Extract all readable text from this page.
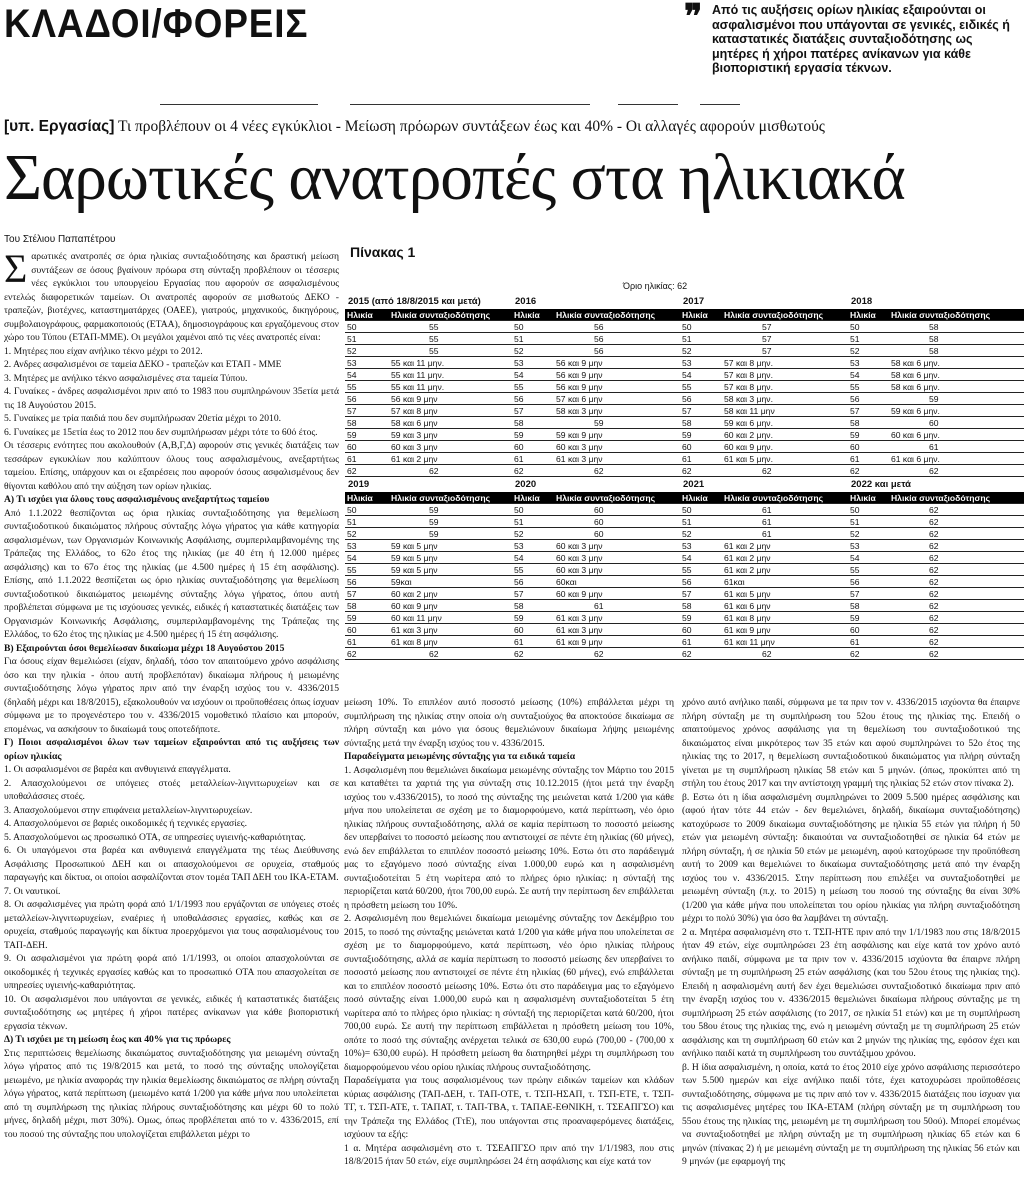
ΚΛΑΔΟΙ/ΦΟΡΕΙΣ	❞ Από τις αυξήσεις ορίων ηλικίας εξαιρούνται οι ασφαλισμένοι που υπάγονται σε γενικές, ειδικές ή καταστατικές διατάξεις συνταξιοδότησης ως μητέρες ή χήροι πατέρες ανίκανων για κάθε βιοποριστική εργασία τέκνων.
[υπ. Εργασίας] Τι προβλέπουν οι 4 νέες εγκύκλιοι - Μείωση πρόωρων συντάξεων έως και 40% - Οι αλλαγές αφορούν μισθωτούς
Σαρωτικές ανατροπές στα ηλικιακά
Του Στέλιου Παπαπέτρου

Σαρωτικές ανατροπές σε όρια ηλικίας συνταξιοδότησης και δραστική μείωση συντάξεων σε όσους βγαίνουν πρόωρα στη σύνταξη προβλέπουν οι τέσσερις νέες εγκύκλιοι του υπουργείου Εργασίας που αφορούν σε ασφαλισμένους εντελώς διαφορετικών ταμείων. Οι ανατροπές αφορούν σε μισθωτούς ΔΕΚΟ - τραπεζών, βιοτέχνες, καταστηματάρχες (ΟΑΕΕ), γιατρούς, μηχανικούς, δικηγόρους, συμβολαιογράφους, φαρμακοποιούς (ΕΤΑΑ), δημοσιογράφους και εργαζόμενους στον χώρο του Τύπου (ΕΤΑΠ-ΜΜΕ). Οι μεγάλοι χαμένοι από τις νέες ανατροπές είναι:

1. Μητέρες που είχαν ανήλικο τέκνο μέχρι το 2012.

2. Ανδρες ασφαλισμένοι σε ταμεία ΔΕΚΟ - τραπεζών και ΕΤΑΠ - ΜΜΕ

3. Μητέρες με ανήλικο τέκνο ασφαλισμένες στα ταμεία Τύπου.

4. Γυναίκες - άνδρες ασφαλισμένοι πριν από το 1983 που συμπληρώνουν 35ετία μετά τις 18 Αυγούστου 2015.

5. Γυναίκες με τρία παιδιά που δεν συμπλήρωσαν 20ετία μέχρι το 2010.

6. Γυναίκες με 15ετία έως το 2012 που δεν συμπλήρωσαν μέχρι τότε το 60ό έτος.

Οι τέσσερις ενότητες που ακολουθούν (Α,Β,Γ,Δ) αφορούν στις γενικές διατάξεις των τεσσάρων εγκυκλίων που καλύπτουν όλους τους ασφαλισμένους, ανεξαρτήτως ταμείου. Επίσης, υπάρχουν και οι εξαιρέσεις που αφορούν όσους ασφαλισμένους δεν θίγονται καθόλου από την αύξηση των ορίων ηλικίας.

Α) Τι ισχύει για όλους τους ασφαλισμένους ανεξαρτήτως ταμείου

Από 1.1.2022 θεσπίζονται ως όρια ηλικίας συνταξιοδότησης για θεμελίωση συνταξιοδοτικού δικαιώματος πλήρους σύνταξης λόγω γήρατος για κάθε κατηγορία ασφαλισμένων, των Οργανισμών Κοινωνικής Ασφάλισης, συμπεριλαμβανομένης της Τράπεζας της Ελλάδος, το 62ο έτος της ηλικίας (με 40 έτη ή 12.000 ημέρες ασφάλισης) και το 67ο έτος της ηλικίας (με 4.500 ημέρες ή 15 έτη ασφάλισης). Επίσης, από 1.1.2022 θεσπίζεται ως όριο ηλικίας συνταξιοδότησης για θεμελίωση συνταξιοδοτικού δικαιώματος μειωμένης σύνταξης λόγω γήρατος, όπου αυτή προβλέπεται σύμφωνα με τις ισχύουσες γενικές, ειδικές ή καταστατικές διατάξεις των Οργανισμών Κοινωνικής Ασφάλισης, συμπεριλαμβανομένης της Τράπεζας της Ελλάδος, το 62ο έτος της ηλικίας με 4.500 ημέρες ή 15 έτη ασφάλισης.

Β) Εξαιρούνται όσοι θεμελίωσαν δικαίωμα μέχρι 18 Αυγούστου 2015

Για όσους είχαν θεμελιώσει (είχαν, δηλαδή, τόσο τον απαιτούμενο χρόνο ασφάλισης όσο και την ηλικία - όπου αυτή προβλεπόταν) δικαίωμα πλήρους ή μειωμένης συνταξιοδότησης λόγω γήρατος πριν από την έναρξη ισχύος του ν. 4336/2015 (δηλαδή μέχρι και 18/8/2015), εξακολουθούν να ισχύουν οι προϋποθέσεις όπως ίσχυαν σύμφωνα με το προγενέστερο του ν. 4336/2015 νομοθετικό πλαίσιο και μπορούν, επομένως, να ασκήσουν το δικαίωμά τους οποτεδήποτε.

Γ) Ποιοι ασφαλισμένοι όλων των ταμείων εξαιρούνται από τις αυξήσεις των ορίων ηλικίας

1. Οι ασφαλισμένοι σε βαρέα και ανθυγιεινά επαγγέλματα.

2. Απασχολούμενοι σε υπόγειες στοές μεταλλείων-λιγνιτωρυχείων και σε υποθαλάσσιες στοές.

3. Απασχολούμενοι στην επιφάνεια μεταλλείων-λιγνιτωρυχείων.

4. Απασχολούμενοι σε βαριές οικοδομικές ή τεχνικές εργασίες.

5. Απασχολούμενοι ως προσωπικό ΟΤΑ, σε υπηρεσίες υγιεινής-καθαριότητας.

6. Οι υπαγόμενοι στα βαρέα και ανθυγιεινά επαγγέλματα της τέως Διεύθυνσης Ασφάλισης Προσωπικού ΔΕΗ και οι απασχολούμενοι σε ορυχεία, σταθμούς παραγωγής και δίκτυα, οι οποίοι ασφαλίζονται στον τομέα ΤΑΠ ΔΕΗ του ΙΚΑ-ΕΤΑΜ.

7. Οι ναυτικοί.

8. Οι ασφαλισμένες για πρώτη φορά από 1/1/1993 που εργάζονται σε υπόγειες στοές μεταλλείων-λιγνιτωρυχείων, εναέριες ή υποθαλάσσιες εργασίες, καθώς και σε ορυχεία, σταθμούς παραγωγής και δίκτυα προερχόμενοι για τους ασφαλισμένους του ΤΑΠ-ΔΕΗ.

9. Οι ασφαλισμένοι για πρώτη φορά από 1/1/1993, οι οποίοι απασχολούνται σε οικοδομικές ή τεχνικές εργασίες καθώς και το προσωπικό ΟΤΑ που απασχολείται σε υπηρεσίες υγιεινής-καθαριότητας.

10. Οι ασφαλισμένοι που υπάγονται σε γενικές, ειδικές ή καταστατικές διατάξεις συνταξιοδότησης ως μητέρες ή χήροι πατέρες ανίκανων για κάθε βιοποριστική εργασία τέκνων.

Δ) Τι ισχύει με τη μείωση έως και 40% για τις πρόωρες

Στις περιπτώσεις θεμελίωσης δικαιώματος συνταξιοδότησης για μειωμένη σύνταξη λόγω γήρατος από τις 19/8/2015 και μετά, το ποσό της σύνταξης υπολογίζεται μειωμένο, με ηλικία αναφοράς την ηλικία θεμελίωσης δικαιώματος σε πλήρη σύνταξη λόγω γήρατος, κατά περίπτωση (μειωμένο κατά 1/200 για κάθε μήνα που υπολείπεται από τη συμπλήρωση της ηλικίας πλήρους συνταξιοδότησης και μέχρι 60 το πολύ μήνες, δηλαδή μέχρι, πιστ 30%). Ομως, όπως προβλέπεται από το ν. 4336/2015, επί του ποσού της σύνταξης που υπολογίζεται επιβάλλεται μέχρι το

Πίνακας 1
Όριο ηλικίας: 62
2015 (από 18/8/2015 και μετά)
Ηλικία	Ηλικία συνταξιοδότησης
50	55
51	55
52	55
53	55 και 11 μην.
54	55 και 11 μην.
55	55 και 11 μην.
56	56 και 9 μην
57	57 και 8 μην
58	58 και 6 μην
59	59 και 3 μην
60	60 και 3 μην
61	61 και 2 μην
62	62
2016
Ηλικία	Ηλικία συνταξιοδότησης
50	56
51	56
52	56
53	56 και 9 μην
54	56 και 9 μην
55	56 και 9 μην
56	57 και 6 μην
57	58 και 3 μην
58	59
59	59 και 9 μην
60	60 και 3 μην
61	61 και 3 μην
62	62
2017
Ηλικία	Ηλικία συνταξιοδότησης
50	57
51	57
52	57
53	57 και 8 μην.
54	57 και 8 μην.
55	57 και 8 μην.
56	58 και 3 μην.
57	58 και 11 μην
58	59 και 6 μην.
59	60 και 2 μην.
60	60 και 9 μην.
61	61 και 5 μην.
62	62
2018
Ηλικία	Ηλικία συνταξιοδότησης
50	58
51	58
52	58
53	58 και 6 μην.
54	58 και 6 μην.
55	58 και 6 μην.
56	59
57	59 και 6 μην.
58	60
59	60 και 6 μην.
60	61
61	61 και 6 μην.
62	62
2019
Ηλικία	Ηλικία συνταξιοδότησης
50	59
51	59
52	59
53	59 και 5 μην
54	59 και 5 μην
55	59 και 5 μην
56	59και
57	60 και 2 μην
58	60 και 9 μην
59	60 και 11 μην
60	61 και 3 μην
61	61 και 8 μην
62	62
2020
Ηλικία	Ηλικία συνταξιοδότησης
50	60
51	60
52	60
53	60 και 3 μην
54	60 και 3 μην
55	60 και 3 μην
56	60και
57	60 και 9 μην
58	61
59	61 και 3 μην
60	61 και 3 μην
61	61 και 9 μην
62	62
2021
Ηλικία	Ηλικία συνταξιοδότησης
50	61
51	61
52	61
53	61 και 2 μην
54	61 και 2 μην
55	61 και 2 μην
56	61και
57	61 και 5 μην
58	61 και 6 μην
59	61 και 8 μην
60	61 και 9 μην
61	61 και 11 μην
62	62
2022 και μετά
Ηλικία	Ηλικία συνταξιοδότησης
50	62
51	62
52	62
53	62
54	62
55	62
56	62
57	62
58	62
59	62
60	62
61	62
62	62

μείωση 10%. Το επιπλέον αυτό ποσοστό μείωσης (10%) επιβάλλεται μέχρι τη συμπλήρωση της ηλικίας στην οποία ο/η συνταξιούχος θα αποκτούσε δικαίωμα σε πλήρη σύνταξη και μόνο για όσους θεμελιώνουν δικαίωμα λήψης μειωμένης σύνταξης μετά την έναρξη ισχύος του ν. 4336/2015.

Παραδείγματα μειωμένης σύνταξης για τα ειδικά ταμεία

1. Ασφαλισμένη που θεμελιώνει δικαίωμα μειωμένης σύνταξης τον Μάρτιο του 2015 και καταθέτει τα χαρτιά της για σύνταξη στις 10.12.2015 (ήτοι μετά την έναρξη ισχύος του ν.4336/2015), το ποσό της σύνταξης της μειώνεται κατά 1/200 για κάθε μήνα που υπολείπεται σε σχέση με το διαμορφούμενο, κατά περίπτωση, νέο όριο ηλικίας πλήρους συνταξιοδότησης, αλλά σε καμία περίπτωση το ποσοστό μείωσης δεν υπερβαίνει το ποσοστό μείωσης που αντιστοιχεί σε πέντε έτη ηλικίας (60 μήνες), ενώ δεν επιβάλλεται το επιπλέον ποσοστό μείωσης 10%. Εστω ότι στο παράδειγμά μας το εξαγόμενο ποσό σύνταξης είναι 1.000,00 ευρώ και η ασφαλισμένη συνταξιοδοτείται 5 έτη νωρίτερα από το πλήρες όριο ηλικίας: η σύνταξή της περιορίζεται κατά 60/200, ήτοι 700,00 ευρώ. Σε αυτή την περίπτωση δεν επιβάλλεται η πρόσθετη μείωση του 10%.

2. Ασφαλισμένη που θεμελιώνει δικαίωμα μειωμένης σύνταξης τον Δεκέμβριο του 2015, το ποσό της σύνταξης μειώνεται κατά 1/200 για κάθε μήνα που υπολείπεται σε σχέση με το διαμορφούμενο, κατά περίπτωση, νέο όριο ηλικίας πλήρους συνταξιοδότησης, αλλά σε καμία περίπτωση το ποσοστό μείωσης δεν υπερβαίνει το ποσοστό μείωσης που αντιστοιχεί σε πέντε έτη ηλικίας (60 μήνες), ενώ επιβάλλεται και το επιπλέον ποσοστό μείωσης 10%. Εστω ότι στο παράδειγμα μας το εξαγόμενο ποσό σύνταξης είναι 1.000,00 ευρώ και η ασφαλισμένη συνταξιοδοτείται 5 έτη νωρίτερα από το πλήρες όριο ηλικίας: η σύνταξή της περιορίζεται κατά 60/200, ήτοι 700,00 ευρώ. Σε αυτή την περίπτωση επιβάλλεται η πρόσθετη μείωση του 10%, οπότε το ποσό της σύνταξης ανέρχεται τελικά σε 630,00 ευρώ (700,00 - (700,00 x 10%)= 630,00 ευρώ). Η πρόσθετη μείωση θα διατηρηθεί μέχρι τη συμπλήρωση του διαμορφούμενου νέου ορίου ηλικίας πλήρους συνταξιοδότησης.

Παραδείγματα για τους ασφαλισμένους των πρώην ειδικών ταμείων και κλάδων κύριας ασφάλισης (ΤΑΠ-ΔΕΗ, τ. ΤΑΠ-ΟΤΕ, τ. ΤΣΠ-ΗΣΑΠ, τ. ΤΣΠ-ΕΤΕ, τ. ΤΣΠ-ΤΓ, τ. ΤΣΠ-ΑΤΕ, τ. ΤΑΠΑΤ, τ. ΤΑΠ-ΤΒΑ, τ. ΤΑΠΑΕ-ΕΘΝΙΚΗ, τ. ΤΣΕΑΠΓΣΟ) και την Τράπεζα της Ελλάδος (ΤτΕ), που υπάγονται στις προαναφερόμενες διατάξεις, ισχύουν τα εξής:

1 α. Μητέρα ασφαλισμένη στο τ. ΤΣΕΑΠΓΣΟ πριν από την 1/1/1983, που στις 18/8/2015 ήταν 50 ετών, είχε συμπληρώσει 24 έτη ασφάλισης και είχε κατά τον

χρόνο αυτό ανήλικο παιδί, σύμφωνα με τα πριν τον ν. 4336/2015 ισχύοντα θα έπαιρνε πλήρη σύνταξη με τη συμπλήρωση του 52ου έτους της ηλικίας της. Επειδή ο απαιτούμενος χρόνος ασφάλισης για τη θεμελίωση του συνταξιοδοτικού της δικαιώματος είναι μικρότερος των 35 ετών και αφού συμπληρώνει το 52ο έτος της ηλικίας της το 2017, η θεμελίωση συνταξιοδοτικού δικαιώματος για πλήρη σύνταξη γίνεται με τη συμπλήρωση ηλικίας 58 ετών και 5 μηνών. (όπως, προκύπτει από τη στήλη του έτους 2017 και την αντίστοιχη γραμμή της ηλικίας 52 ετών στον πίνακα 2).

β. Εστω ότι η ίδια ασφαλισμένη συμπληρώνει το 2009 5.500 ημέρες ασφάλισης και (αφού ήταν τότε 44 ετών - δεν θεμελιώνει, δηλαδή, δικαίωμα συνταξιοδότησης) κατοχύρωσε το 2009 δικαίωμα συνταξιοδότησης με ηλικία 55 ετών για πλήρη ή 50 ετών για μειωμένη σύνταξη: δικαιούται να συνταξιοδοτηθεί σε ηλικία 64 ετών με πλήρη σύνταξη, ή σε ηλικία 50 ετών με μειωμένη, αφού κατοχύρωσε την προϋπόθεση αυτή το 2009 και θεμελιώνει το δικαίωμα συνταξιοδότησης μετά από την έναρξη ισχύος του ν. 4336/2015. Στην περίπτωση που επιλέξει να συνταξιοδοτηθεί με μειωμένη σύνταξη (π.χ. το 2015) η μείωση του ποσού της σύνταξης θα είναι 30% (1/200 για κάθε μήνα που υπολείπεται του ορίου ηλικίας για πλήρη συνταξιοδότηση μέχρι το πολύ 30%) για όσο θα λαμβάνει τη σύνταξη.

2 α. Μητέρα ασφαλισμένη στο τ. ΤΣΠ-ΗΤΕ πριν από την 1/1/1983 που στις 18/8/2015 ήταν 49 ετών, είχε συμπληρώσει 23 έτη ασφάλισης και είχε κατά τον χρόνο αυτό ανήλικο παιδί, σύμφωνα με τα πριν τον ν. 4336/2015 ισχύοντα θα έπαιρνε πλήρη σύνταξη με τη συμπλήρωση 25 ετών ασφάλισης (και του 52ου έτους της ηλικίας της). Επειδή η ασφαλισμένη αυτή δεν έχει θεμελιώσει συνταξιοδοτικό δικαίωμα πριν από την έναρξη ισχύος του ν. 4336/2015 θεμελιώνει δικαίωμα πλήρους σύνταξης με τη συμπλήρωση 25 ετών ασφάλισης (το 2017, σε ηλικία 51 ετών) και με τη συμπλήρωση του 58ου έτους της ηλικίας της, ενώ η μειωμένη σύνταξη με τη συμπλήρωση 25 ετών ασφάλισης και τη συμπλήρωση 60 ετών και 2 μηνών της ηλικίας της, εφόσον έχει και ανήλικο παιδί κατά τη συμπλήρωση του συντάξιμου χρόνου.

β. Η ίδια ασφαλισμένη, η οποία, κατά το έτος 2010 είχε χρόνο ασφάλισης περισσότερο των 5.500 ημερών και είχε ανήλικο παιδί τότε, έχει κατοχυρώσει προϋποθέσεις συνταξιοδότησης, σύμφωνα με τις πριν από τον ν. 4336/2015 διατάξεις που ίσχυαν για τις ασφαλισμένες μητέρες του ΙΚΑ-ΕΤΑΜ (πλήρη σύνταξη με τη συμπλήρωση του 55ου έτους της ηλικίας της, μειωμένη με τη συμπλήρωση του 50ού). Μπορεί επομένως να συνταξιοδοτηθεί με πλήρη σύνταξη με τη συμπλήρωση ηλικίας 65 ετών και 6 μηνών (πίνακας 2) ή με μειωμένη σύνταξη με τη συμπλήρωση της ηλικίας 56 ετών και 9 μηνών (με εφαρμογή της
